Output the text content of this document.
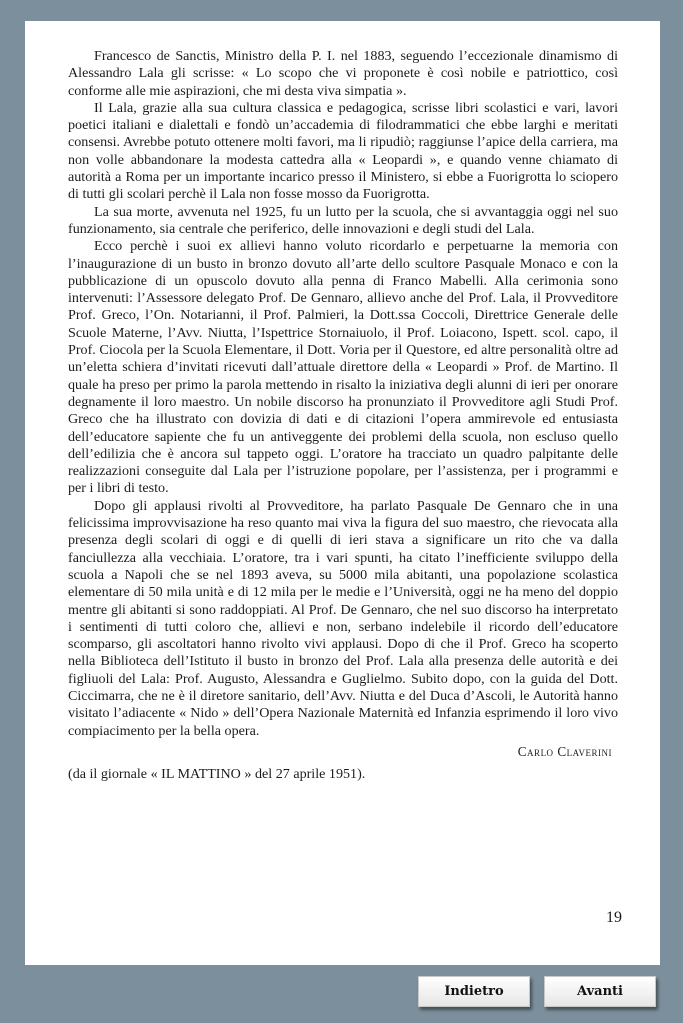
Francesco de Sanctis, Ministro della P. I. nel 1883, seguendo l’eccezionale dinamismo di Alessandro Lala gli scrisse: « Lo scopo che vi proponete è così nobile e patriottico, così conforme alle mie aspirazioni, che mi desta viva simpatia ».

Il Lala, grazie alla sua cultura classica e pedagogica, scrisse libri scolastici e vari, lavori poetici italiani e dialettali e fondò un’accademia di filodrammatici che ebbe larghi e meritati consensi. Avrebbe potuto ottenere molti favori, ma li ripudiò; raggiunse l’apice della carriera, ma non volle abbandonare la modesta cattedra alla « Leopardi », e quando venne chiamato di autorità a Roma per un importante incarico presso il Ministero, si ebbe a Fuorigrotta lo sciopero di tutti gli scolari perchè il Lala non fosse mosso da Fuorigrotta.

La sua morte, avvenuta nel 1925, fu un lutto per la scuola, che si avvantaggia oggi nel suo funzionamento, sia centrale che periferico, delle innovazioni e degli studi del Lala.

Ecco perchè i suoi ex allievi hanno voluto ricordarlo e perpetuarne la memoria con l’inaugurazione di un busto in bronzo dovuto all’arte dello scultore Pasquale Monaco e con la pubblicazione di un opuscolo dovuto alla penna di Franco Mabelli. Alla cerimonia sono intervenuti: l’Assessore delegato Prof. De Gennaro, allievo anche del Prof. Lala, il Provveditore Prof. Greco, l’On. Notarianni, il Prof. Palmieri, la Dott.ssa Coccoli, Direttrice Generale delle Scuole Materne, l’Avv. Niutta, l’Ispettrice Stornaiuolo, il Prof. Loiacono, Ispett. scol. capo, il Prof. Ciocola per la Scuola Elementare, il Dott. Voria per il Questore, ed altre personalità oltre ad un’eletta schiera d’invitati ricevuti dall’attuale direttore della « Leopardi » Prof. de Martino. Il quale ha preso per primo la parola mettendo in risalto la iniziativa degli alunni di ieri per onorare degnamente il loro maestro. Un nobile discorso ha pronunziato il Provveditore agli Studi Prof. Greco che ha illustrato con dovizia di dati e di citazioni l’opera ammirevole ed entusiasta dell’educatore sapiente che fu un antiveggente dei problemi della scuola, non escluso quello dell’edilizia che è ancora sul tappeto oggi. L’oratore ha tracciato un quadro palpitante delle realizzazioni conseguite dal Lala per l’istruzione popolare, per l’assistenza, per i programmi e per i libri di testo.

Dopo gli applausi rivolti al Provveditore, ha parlato Pasquale De Gennaro che in una felicissima improvvisazione ha reso quanto mai viva la figura del suo maestro, che rievocata alla presenza degli scolari di oggi e di quelli di ieri stava a significare un rito che va dalla fanciullezza alla vecchiaia. L’oratore, tra i vari spunti, ha citato l’inefficiente sviluppo della scuola a Napoli che se nel 1893 aveva, su 5000 mila abitanti, una popolazione scolastica elementare di 50 mila unità e di 12 mila per le medie e l’Università, oggi ne ha meno del doppio mentre gli abitanti si sono raddoppiati. Al Prof. De Gennaro, che nel suo discorso ha interpretato i sentimenti di tutti coloro che, allievi e non, serbano indelebile il ricordo dell’educatore scomparso, gli ascoltatori hanno rivolto vivi applausi. Dopo di che il Prof. Greco ha scoperto nella Biblioteca dell’Istituto il busto in bronzo del Prof. Lala alla presenza delle autorità e dei figliuoli del Lala: Prof. Augusto, Alessandra e Guglielmo. Subito dopo, con la guida del Dott. Ciccimarra, che ne è il diretore sanitario, dell’Avv. Niutta e del Duca d’Ascoli, le Autorità hanno visitato l’adiacente « Nido » dell’Opera Nazionale Maternità ed Infanzia esprimendo il loro vivo compiacimento per la bella opera.

Carlo Claverini
(da il giornale « IL MATTINO » del 27 aprile 1951).
19
Indietro	Avanti
